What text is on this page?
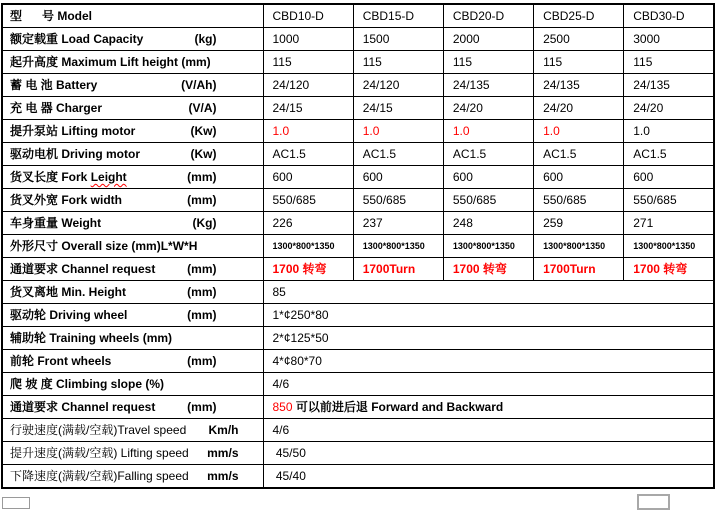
型      号 Model	CBD10-D	CBD15-D	CBD20-D	CBD25-D	CBD30-D

额定载重 Load Capacity (kg)	1000	1500	2000	2500	3000

起升高度 Maximum Lift height (mm)	115	115	115	115	115

蓄 电 池 Battery (V/Ah)	24/120	24/120	24/135	24/135	24/135

充 电 器 Charger (V/A)	24/15	24/15	24/20	24/20	24/20

提升泵站 Lifting motor (Kw)	1.0	1.0	1.0	1.0	1.0

驱动电机 Driving motor (Kw)	AC1.5	AC1.5	AC1.5	AC1.5	AC1.5

货叉长度 Fork Leight (mm)	600	600	600	600	600

货叉外宽 Fork width (mm)	550/685	550/685	550/685	550/685	550/685

车身重量 Weight (Kg)	226	237	248	259	271

外形尺寸 Overall size (mm)L*W*H	1300*800*1350	1300*800*1350	1300*800*1350	1300*800*1350	1300*800*1350

通道要求 Channel request (mm)	1700 转弯	1700Turn	1700 转弯	1700Turn	1700 转弯

货叉离地 Min. Height (mm)	85				

驱动轮 Driving wheel (mm)	1*¢250*80				

辅助轮 Training wheels (mm)	2*¢125*50				

前轮 Front wheels (mm)	4*¢80*70				

爬 坡 度 Climbing slope (%)	4/6				

通道要求 Channel request (mm)	850 可以前进后退 Forward and Backward				

行驶速度(满载/空载)Travel speed Km/h	4/6				

提升速度(满载/空载) Lifting speed mm/s	45/50				

下降速度(满载/空载)Falling speed mm/s	45/40				
